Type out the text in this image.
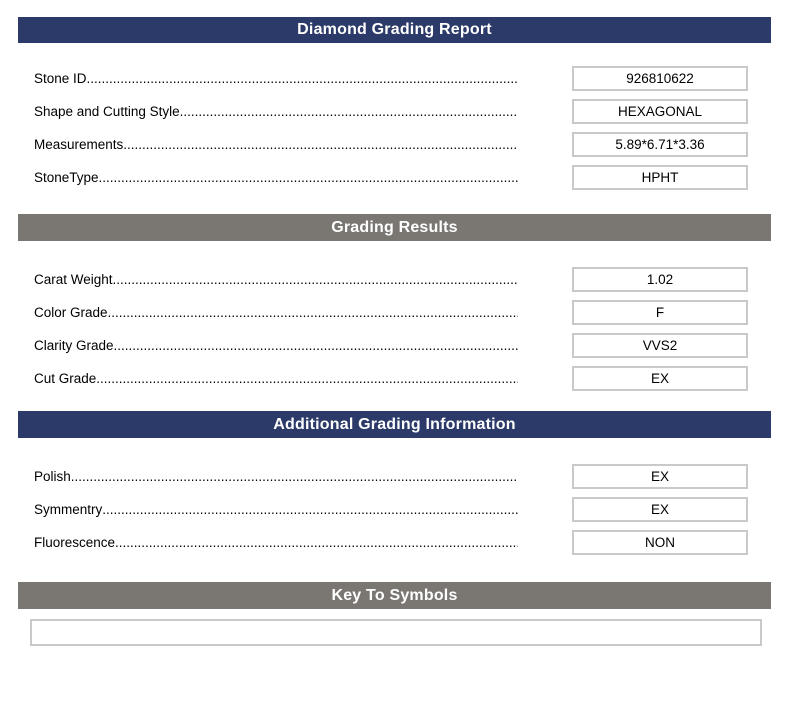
Diamond Grading Report
Stone ID .....	926810622
Shape and Cutting Style .....	HEXAGONAL
Measurements .....	5.89*6.71*3.36
StoneType .....	HPHT
Grading Results
Carat Weight .....	1.02
Color Grade .....	F
Clarity Grade .....	VVS2
Cut Grade .....	EX
Additional Grading Information
Polish .....	EX
Symmentry .....	EX
Fluorescence .....	NON
Key To Symbols
